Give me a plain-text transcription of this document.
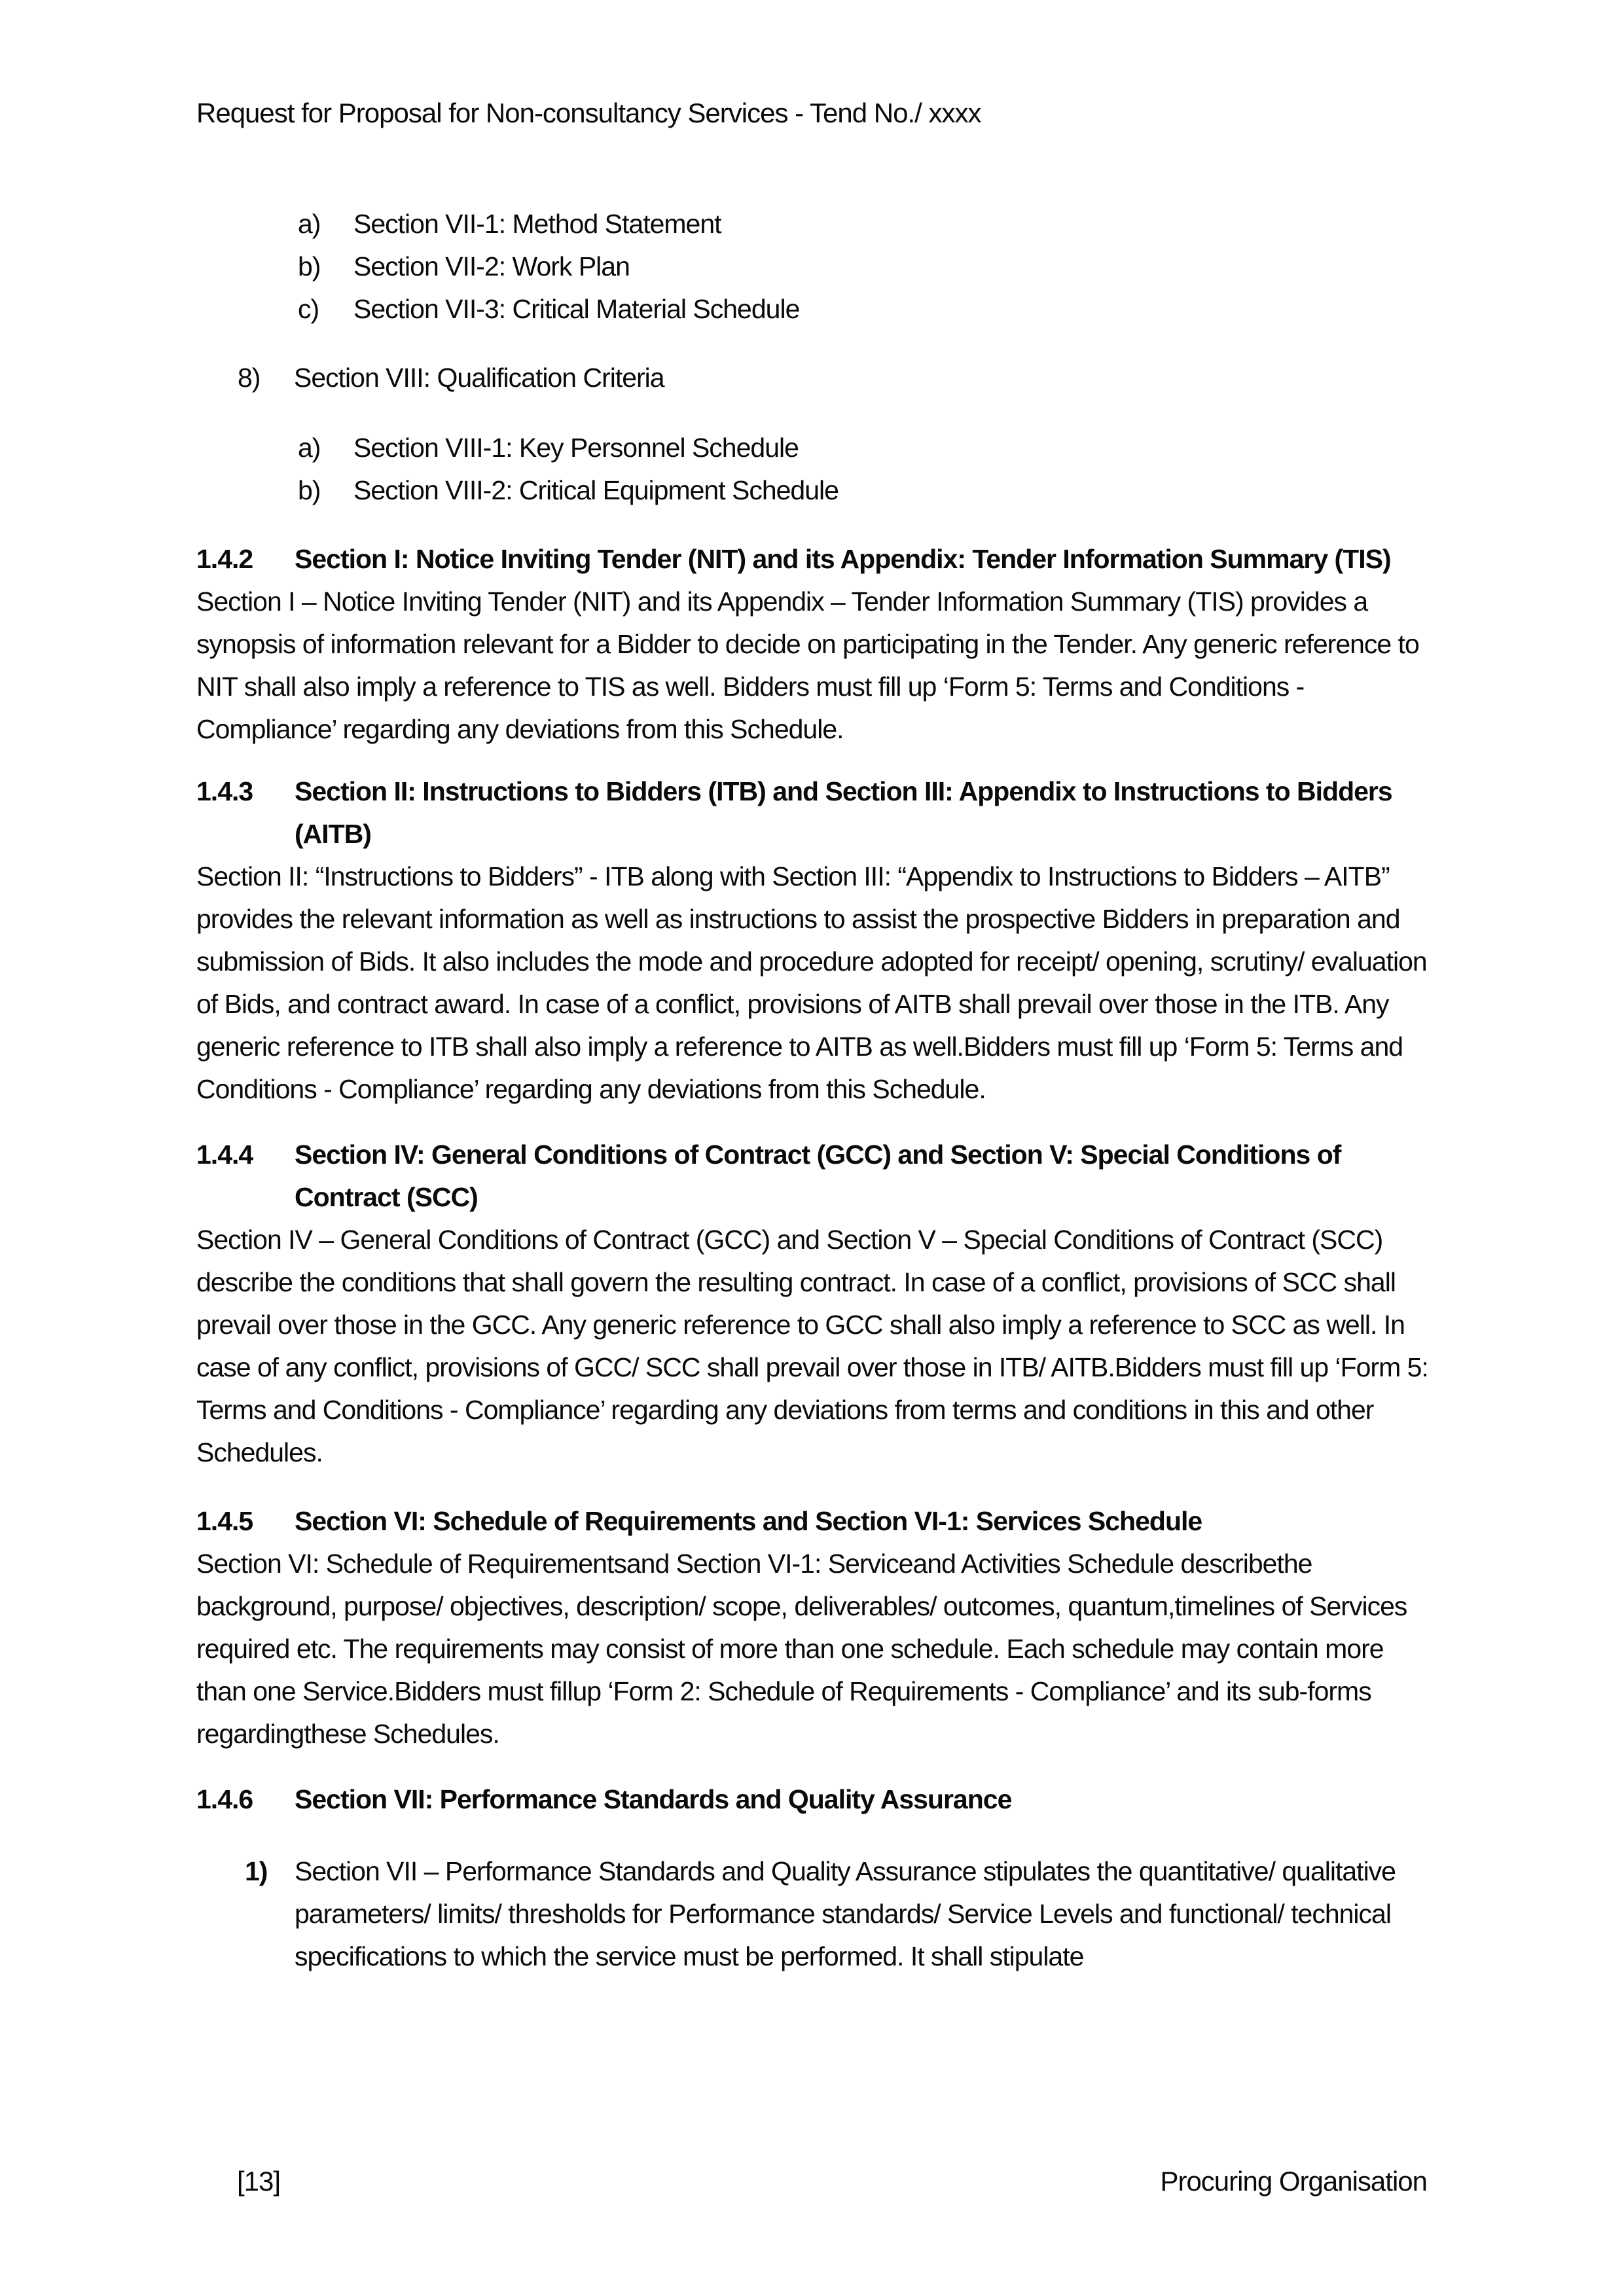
Request for Proposal for Non-consultancy Services - Tend No./ xxxx
a)	Section VII-1: Method Statement
b)	Section VII-2: Work Plan
c)	Section VII-3: Critical Material Schedule
8)	Section VIII: Qualification Criteria
a)	Section VIII-1: Key Personnel Schedule
b)	Section VIII-2: Critical Equipment Schedule
1.4.2	Section I: Notice Inviting Tender (NIT) and its Appendix: Tender Information Summary (TIS)

Section I – Notice Inviting Tender (NIT) and its Appendix – Tender Information Summary (TIS) provides a synopsis of information relevant for a Bidder to decide on participating in the Tender. Any generic reference to NIT shall also imply a reference to TIS as well. Bidders must fill up ‘Form 5: Terms and Conditions - Compliance’ regarding any deviations from this Schedule.

1.4.3	Section II: Instructions to Bidders (ITB) and Section III: Appendix to Instructions to Bidders (AITB)

Section II: “Instructions to Bidders” - ITB along with Section III: “Appendix to Instructions to Bidders – AITB” provides the relevant information as well as instructions to assist the prospective Bidders in preparation and submission of Bids. It also includes the mode and procedure adopted for receipt/ opening, scrutiny/ evaluation of Bids, and contract award. In case of a conflict, provisions of AITB shall prevail over those in the ITB. Any generic reference to ITB shall also imply a reference to AITB as well.Bidders must fill up ‘Form 5: Terms and Conditions - Compliance’ regarding any deviations from this Schedule.

1.4.4	Section IV: General Conditions of Contract (GCC) and Section V: Special Conditions of Contract (SCC)

Section IV – General Conditions of Contract (GCC) and Section V – Special Conditions of Contract (SCC) describe the conditions that shall govern the resulting contract. In case of a conflict, provisions of SCC shall prevail over those in the GCC. Any generic reference to GCC shall also imply a reference to SCC as well. In case of any conflict, provisions of GCC/ SCC shall prevail over those in ITB/ AITB.Bidders must fill up ‘Form 5: Terms and Conditions - Compliance’ regarding any deviations from terms and conditions in this and other Schedules.

1.4.5	Section VI: Schedule of Requirements and Section VI-1: Services Schedule

Section VI: Schedule of Requirementsand Section VI-1: Serviceand Activities Schedule describethe background, purpose/ objectives, description/ scope, deliverables/ outcomes, quantum,timelines of Services required etc. The requirements may consist of more than one schedule. Each schedule may contain more than one Service.Bidders must fillup ‘Form 2: Schedule of Requirements - Compliance’ and its sub-forms regardingthese Schedules.

1.4.6	Section VII: Performance Standards and Quality Assurance
1)	Section VII – Performance Standards and Quality Assurance stipulates the quantitative/ qualitative parameters/ limits/ thresholds for Performance standards/ Service Levels and functional/ technical specifications to which the service must be performed. It shall stipulate
[13]	Procuring Organisation
